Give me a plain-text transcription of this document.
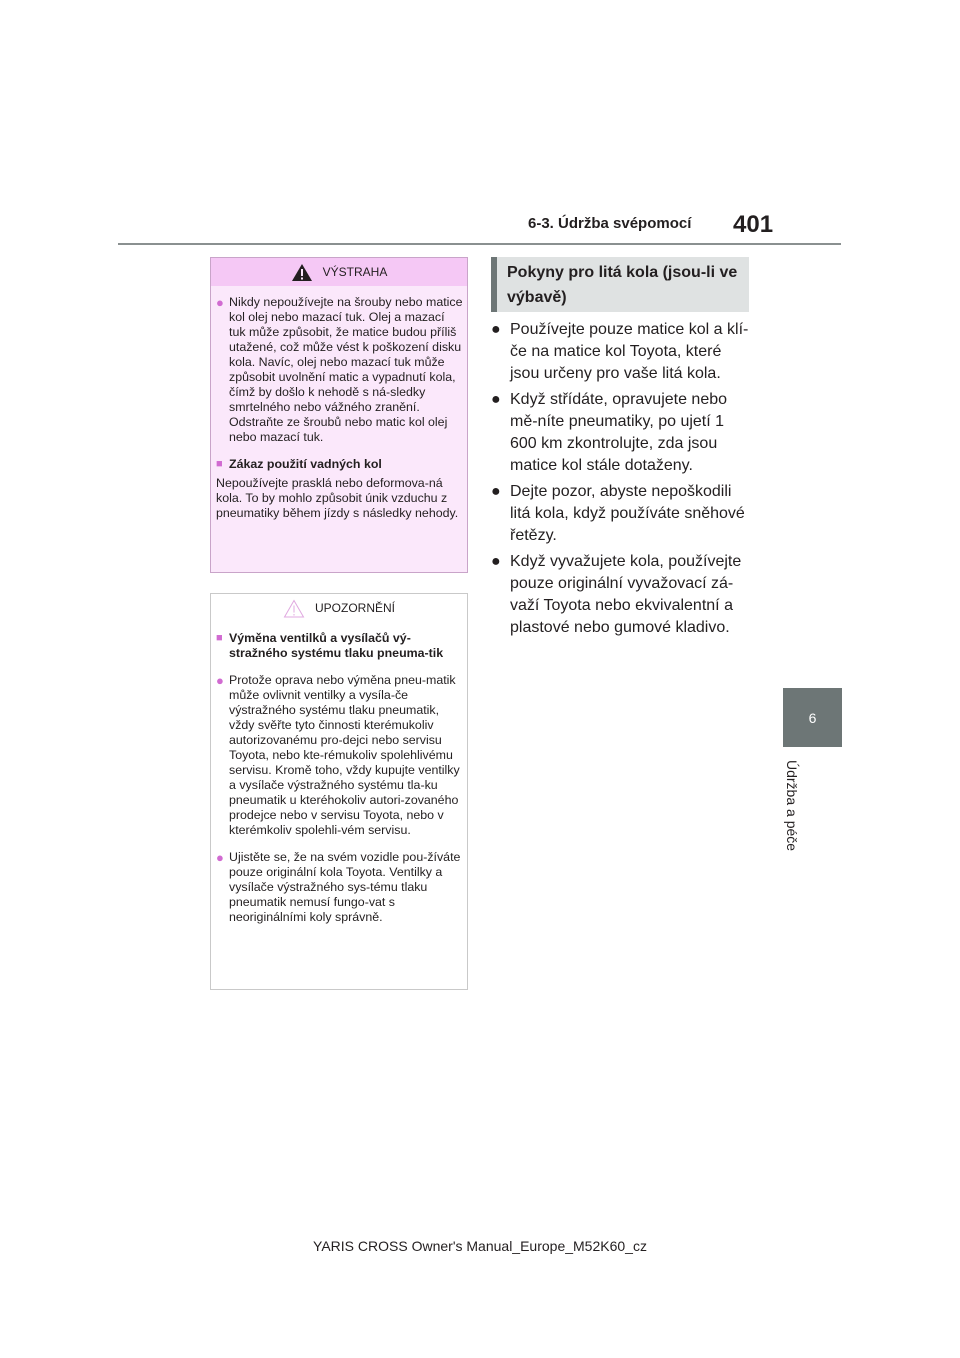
6-3. Údržba svépomocí 401
6
Údržba a péče
VÝSTRAHA
● Nikdy nepoužívejte na šrouby nebo matice kol olej nebo mazací tuk. Olej a mazací tuk může způsobit, že matice budou příliš utažené, což může vést k poškození disku kola. Navíc, olej nebo mazací tuk může způsobit uvolnění matic a vypadnutí kola, čímž by došlo k nehodě s ná-sledky smrtelného nebo vážného zranění. Odstraňte ze šroubů nebo matic kol olej nebo mazací tuk.
■ Zákaz použití vadných kol
Nepoužívejte prasklá nebo deformova-ná kola. To by mohlo způsobit únik vzduchu z pneumatiky během jízdy s následky nehody.
UPOZORNĚNÍ
■ Výměna ventilků a vysílačů vý-stražného systému tlaku pneuma-tik
● Protože oprava nebo výměna pneu-matik může ovlivnit ventilky a vysíla-če výstražného systému tlaku pneumatik, vždy svěřte tyto činnosti kterémukoliv autorizovanému pro-dejci nebo servisu Toyota, nebo kte-rémukoliv spolehlivému servisu. Kromě toho, vždy kupujte ventilky a vysílače výstražného systému tla-ku pneumatik u kteréhokoliv autori-zovaného prodejce nebo v servisu Toyota, nebo v kterémkoliv spolehli-vém servisu.
● Ujistěte se, že na svém vozidle pou-žíváte pouze originální kola Toyota. Ventilky a vysílače výstražného sys-tému tlaku pneumatik nemusí fungo-vat s neoriginálními koly správně.
Pokyny pro litá kola (jsou-li ve výbavě)
● Používejte pouze matice kol a klí-če na matice kol Toyota, které jsou určeny pro vaše litá kola.
● Když střídáte, opravujete nebo mě-níte pneumatiky, po ujetí 1 600 km zkontrolujte, zda jsou matice kol stále dotaženy.
● Dejte pozor, abyste nepoškodili litá kola, když používáte sněhové řetězy.
● Když vyvažujete kola, používejte pouze originální vyvažovací zá-važí Toyota nebo ekvivalentní a plastové nebo gumové kladivo.
YARIS CROSS Owner's Manual_Europe_M52K60_cz
